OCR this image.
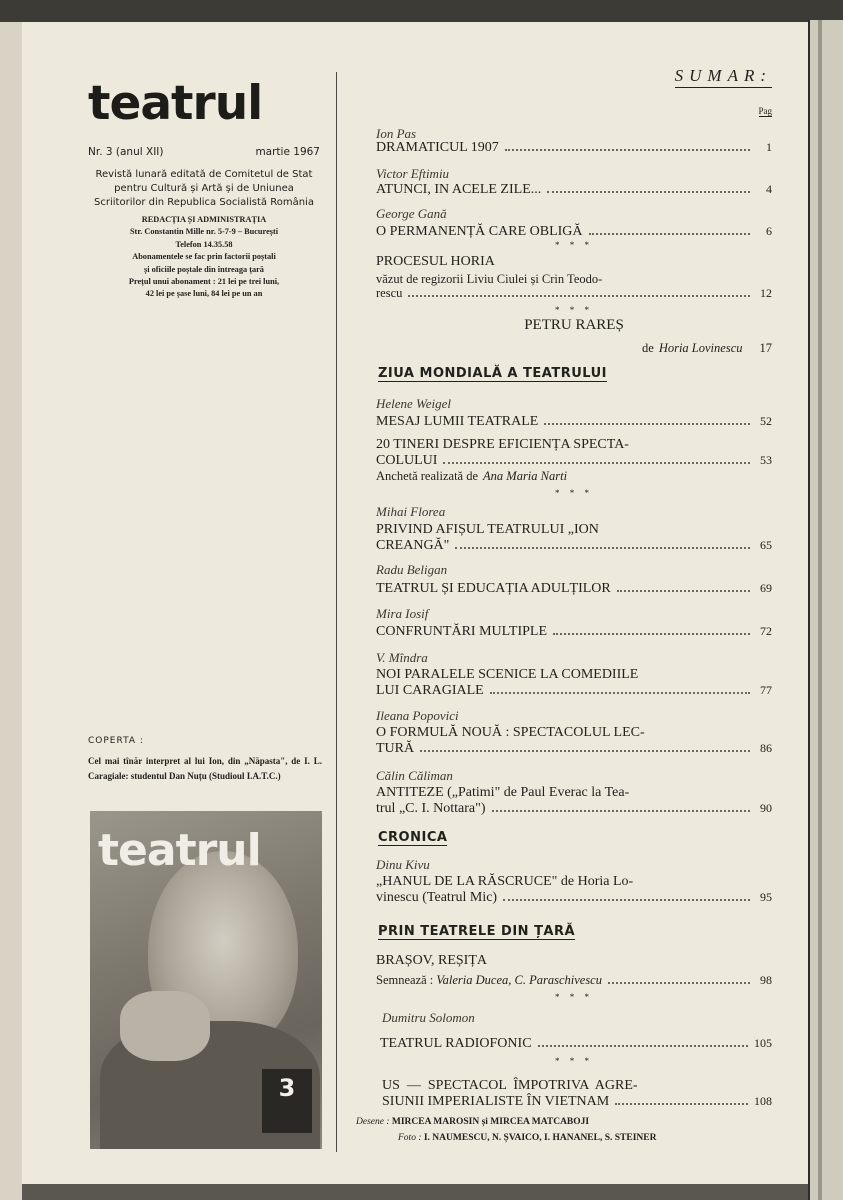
teatrul
Nr. 3 (anul XII)	martie 1967
Revistă lunară editată de Comitetul de Stat pentru Cultură și Artă și de Uniunea Scriitorilor din Republica Socialistă România
REDACȚIA ȘI ADMINISTRAȚIA
Str. Constantin Mille nr. 5-7-9 – București
Telefon 14.35.58
Abonamentele se fac prin factorii poștali
și oficiile poștale din întreaga țară
Prețul unui abonament : 21 lei pe trei luni,
42 lei pe șase luni, 84 lei pe un an
COPERTA :
Cel mai tînăr interpret al lui Ion, din „Năpasta", de I. L. Caragiale: studentul Dan Nuțu (Studioul I.A.T.C.)
teatrul
3
SUMAR:
Pag
Ion Pas
DRAMATICUL 1907	1
Victor Eftimiu
ATUNCI, IN ACELE ZILE...	4
George Gană
O PERMANENȚĂ CARE OBLIGĂ	6
* * *
PROCESUL HORIA
văzut de regizorii Liviu Ciulei și Crin Teodo-
rescu	12
* * *
PETRU RAREȘ
de Horia Lovinescu 17
ZIUA MONDIALĂ A TEATRULUI
Helene Weigel
MESAJ LUMII TEATRALE	52
20 TINERI DESPRE EFICIENȚA SPECTA-
COLULUI	53
Anchetă realizată de Ana Maria Narti
* * *
Mihai Florea
PRIVIND AFIȘUL TEATRULUI „ION
CREANGĂ"	65
Radu Beligan
TEATRUL ȘI EDUCAȚIA ADULȚILOR	69
Mira Iosif
CONFRUNTĂRI MULTIPLE	72
V. Mîndra
NOI PARALELE SCENICE LA COMEDIILE
LUI CARAGIALE	77
Ileana Popovici
O FORMULĂ NOUĂ : SPECTACOLUL LEC-
TURĂ	86
Călin Căliman
ANTITEZE („Patimi" de Paul Everac la Tea-
trul „C. I. Nottara")	90
CRONICA
Dinu Kivu
„HANUL DE LA RĂSCRUCE" de Horia Lo-
vinescu (Teatrul Mic)	95
PRIN TEATRELE DIN ȚARĂ
BRAȘOV, REȘIȚA
Semnează : Valeria Ducea, C. Paraschivescu	98
* * *
Dumitru Solomon
TEATRUL RADIOFONIC	105
* * *
US  —  SPECTACOL  ÎMPOTRIVA  AGRE-
SIUNII IMPERIALISTE ÎN VIETNAM	108
Desene : MIRCEA MAROSIN și MIRCEA MATCABOJI
Foto : I. NAUMESCU, N. ȘVAICO, I. HANANEL, S. STEINER
